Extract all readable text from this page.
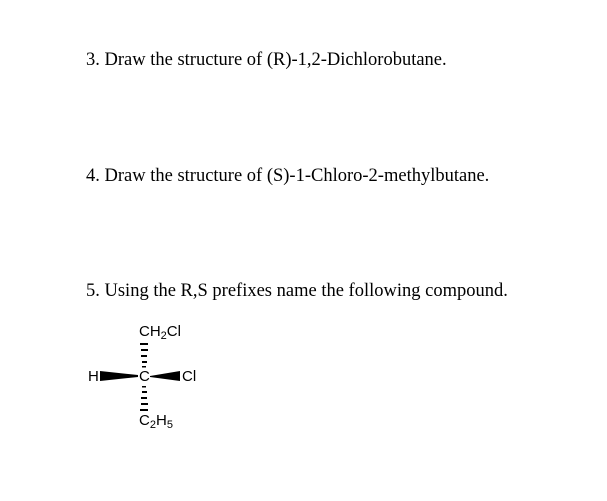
3. Draw the structure of (R)-1,2-Dichlorobutane.
4. Draw the structure of (S)-1-Chloro-2-methylbutane.
5. Using the R,S prefixes name the following compound.
$CH_2Cl$
H	C Cl
$C_2H_5$
